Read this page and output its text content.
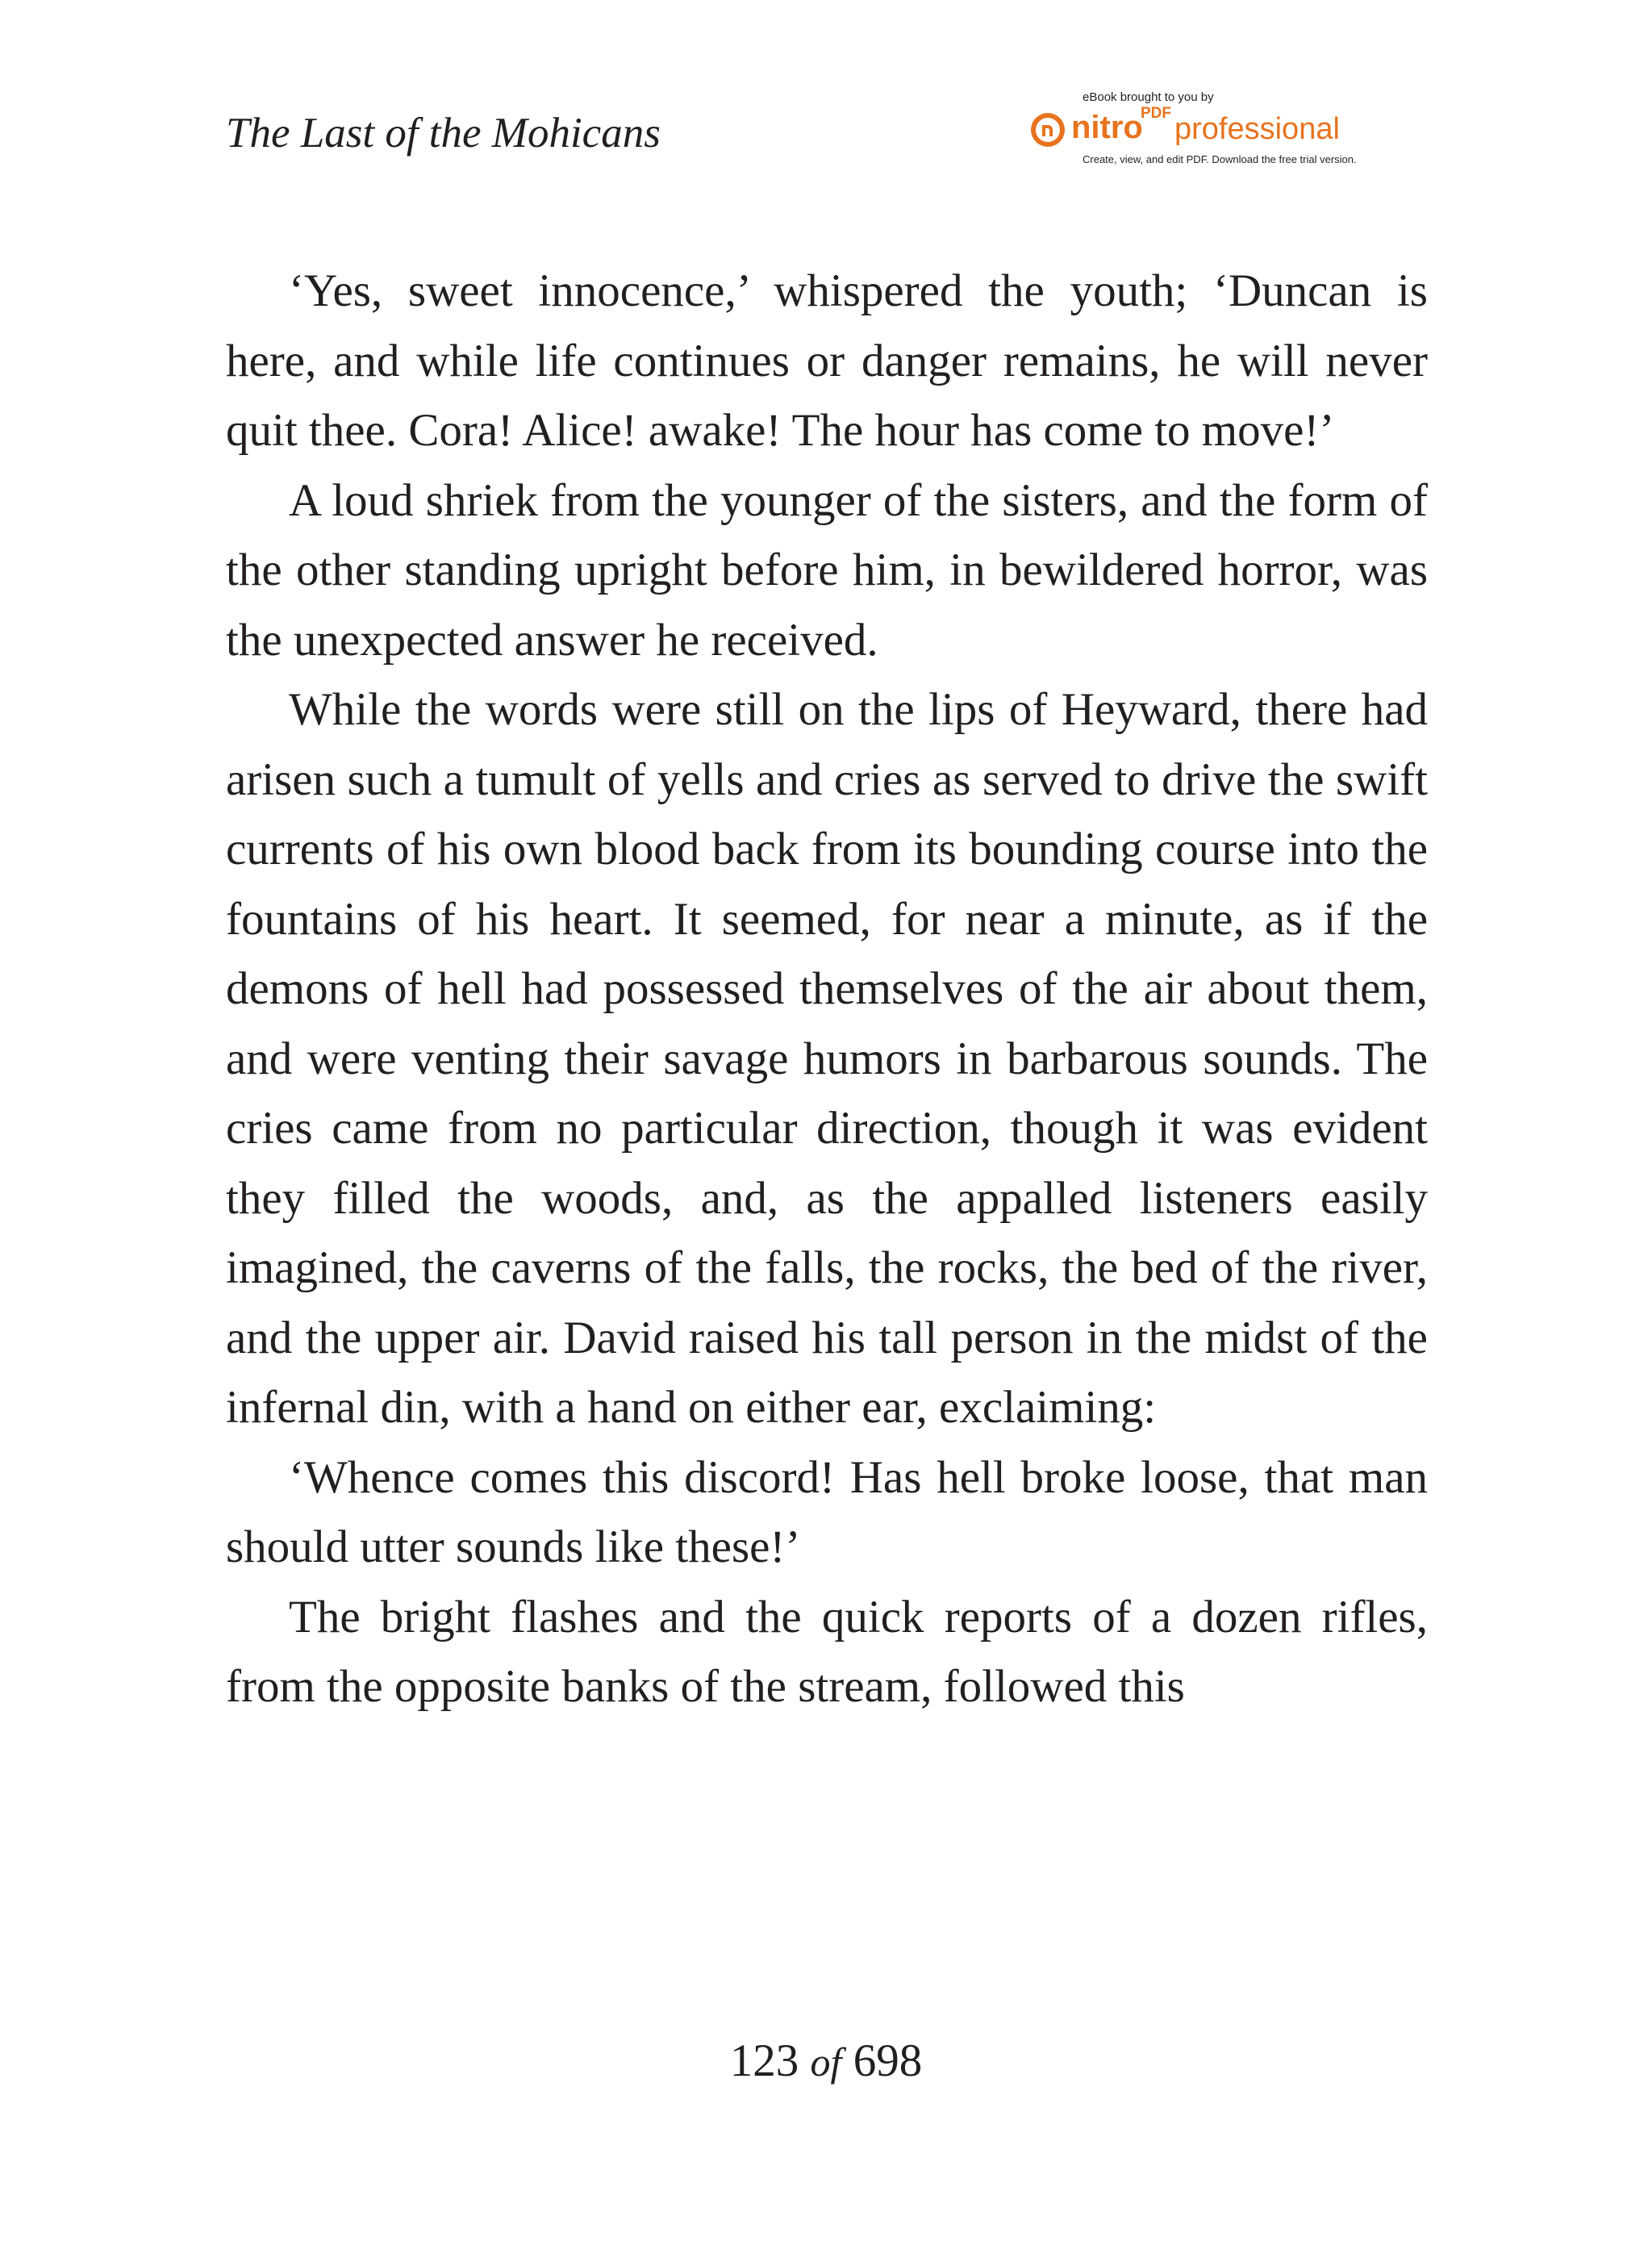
The Last of the Mohicans
eBook brought to you by
nitro
PDF professional
Create, view, and edit PDF. Download the free trial version.

‘Yes, sweet innocence,’ whispered the youth; ‘Duncan is here, and while life continues or danger remains, he will never quit thee. Cora! Alice! awake! The hour has come to move!’

A loud shriek from the younger of the sisters, and the form of the other standing upright before him, in bewildered horror, was the unexpected answer he received.

While the words were still on the lips of Heyward, there had arisen such a tumult of yells and cries as served to drive the swift currents of his own blood back from its bounding course into the fountains of his heart. It seemed, for near a minute, as if the demons of hell had possessed themselves of the air about them, and were venting their savage humors in barbarous sounds. The cries came from no particular direction, though it was evident they filled the woods, and, as the appalled listeners easily imagined, the caverns of the falls, the rocks, the bed of the river, and the upper air. David raised his tall person in the midst of the infernal din, with a hand on either ear, exclaiming:

‘Whence comes this discord! Has hell broke loose, that man should utter sounds like these!’

The bright flashes and the quick reports of a dozen rifles, from the opposite banks of the stream, followed this

123 of 698
